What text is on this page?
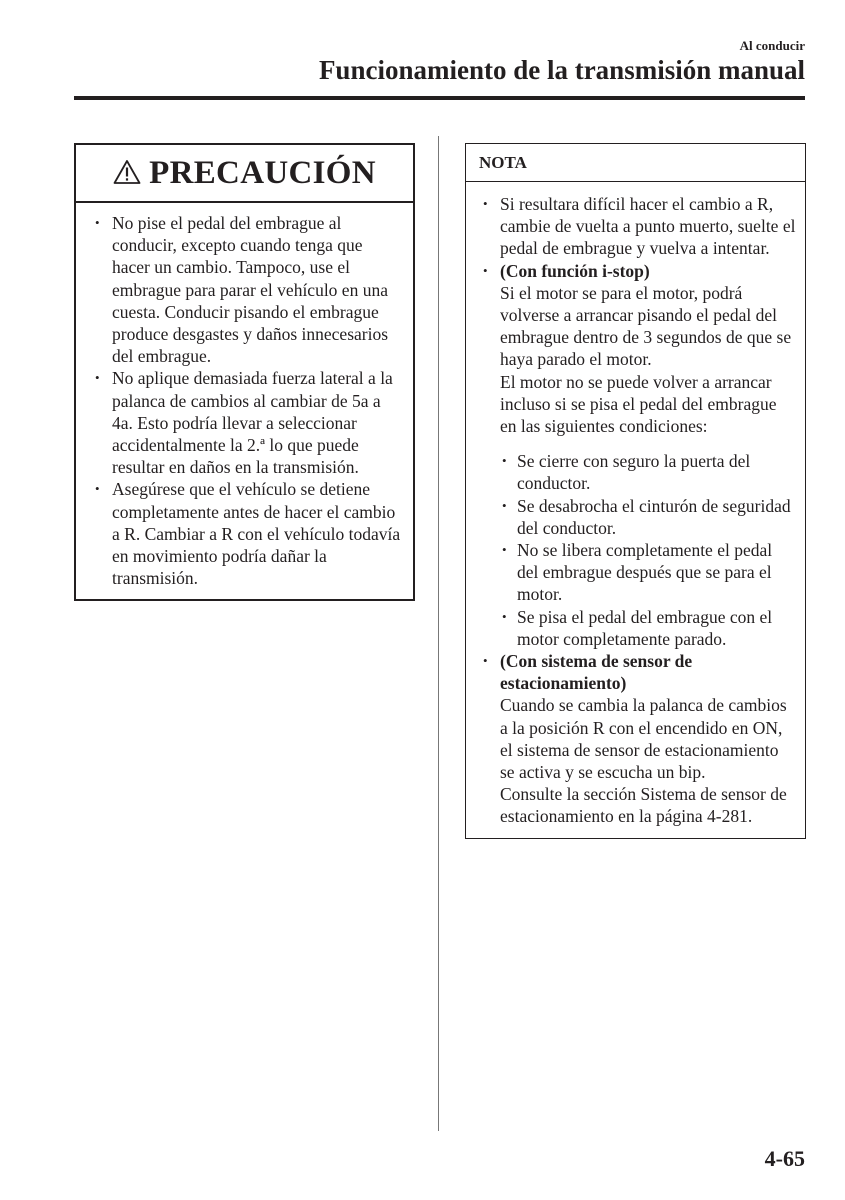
Al conducir
Funcionamiento de la transmisión manual
PRECAUCIÓN
• No pise el pedal del embrague al conducir, excepto cuando tenga que hacer un cambio. Tampoco, use el embrague para parar el vehículo en una cuesta. Conducir pisando el embrague produce desgastes y daños innecesarios del embrague.
• No aplique demasiada fuerza lateral a la palanca de cambios al cambiar de 5a a 4a. Esto podría llevar a seleccionar accidentalmente la 2.ª lo que puede resultar en daños en la transmisión.
• Asegúrese que el vehículo se detiene completamente antes de hacer el cambio a R. Cambiar a R con el vehículo todavía en movimiento podría dañar la transmisión.
NOTA
• Si resultara difícil hacer el cambio a R, cambie de vuelta a punto muerto, suelte el pedal de embrague y vuelva a intentar.
• (Con función i-stop)
Si el motor se para el motor, podrá volverse a arrancar pisando el pedal del embrague dentro de 3 segundos de que se haya parado el motor.
El motor no se puede volver a arrancar incluso si se pisa el pedal del embrague en las siguientes condiciones:
• Se cierre con seguro la puerta del conductor.
• Se desabrocha el cinturón de seguridad del conductor.
• No se libera completamente el pedal del embrague después que se para el motor.
• Se pisa el pedal del embrague con el motor completamente parado.
• (Con sistema de sensor de estacionamiento)
Cuando se cambia la palanca de cambios a la posición R con el encendido en ON, el sistema de sensor de estacionamiento se activa y se escucha un bip.
Consulte la sección Sistema de sensor de estacionamiento en la página 4-281.
4-65
